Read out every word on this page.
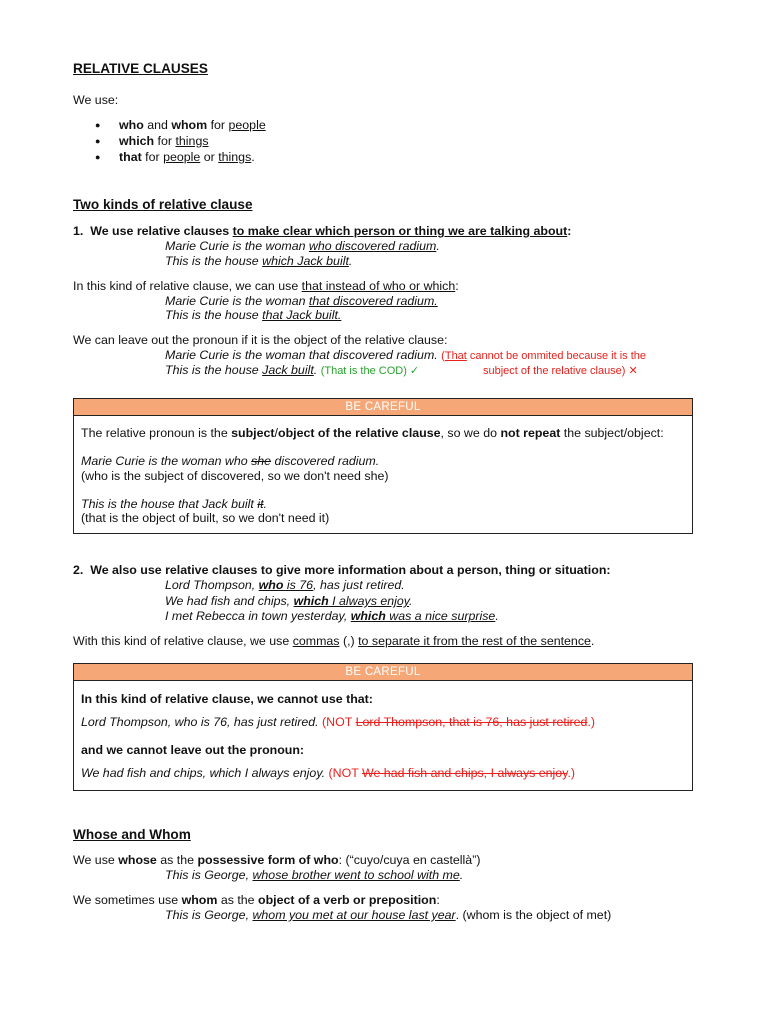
RELATIVE CLAUSES
We use:
● who and whom for people
● which for things
● that for people or things.
Two kinds of relative clause
1. We use relative clauses to make clear which person or thing we are talking about:
Marie Curie is the woman who discovered radium.
This is the house which Jack built.
In this kind of relative clause, we can use that instead of who or which:
Marie Curie is the woman that discovered radium.
This is the house that Jack built.
We can leave out the pronoun if it is the object of the relative clause:
Marie Curie is the woman that discovered radium. (That cannot be ommited because it is the
This is the house Jack built. (That is the COD) ✓	subject of the relative clause) ✕
BE CAREFUL
The relative pronoun is the subject/object of the relative clause, so we do not repeat the subject/object:
Marie Curie is the woman who she discovered radium.
(who is the subject of discovered, so we don't need she)
This is the house that Jack built it.
(that is the object of built, so we don't need it)
2. We also use relative clauses to give more information about a person, thing or situation:
Lord Thompson, who is 76, has just retired.
We had fish and chips, which I always enjoy.
I met Rebecca in town yesterday, which was a nice surprise.
With this kind of relative clause, we use commas (,) to separate it from the rest of the sentence.
BE CAREFUL
In this kind of relative clause, we cannot use that:
Lord Thompson, who is 76, has just retired. (NOT Lord Thompson, that is 76, has just retired.)
and we cannot leave out the pronoun:
We had fish and chips, which I always enjoy. (NOT We had fish and chips, I always enjoy.)
Whose and Whom
We use whose as the possessive form of who: (“cuyo/cuya en castellà”)
This is George, whose brother went to school with me.
We sometimes use whom as the object of a verb or preposition:
This is George, whom you met at our house last year. (whom is the object of met)
